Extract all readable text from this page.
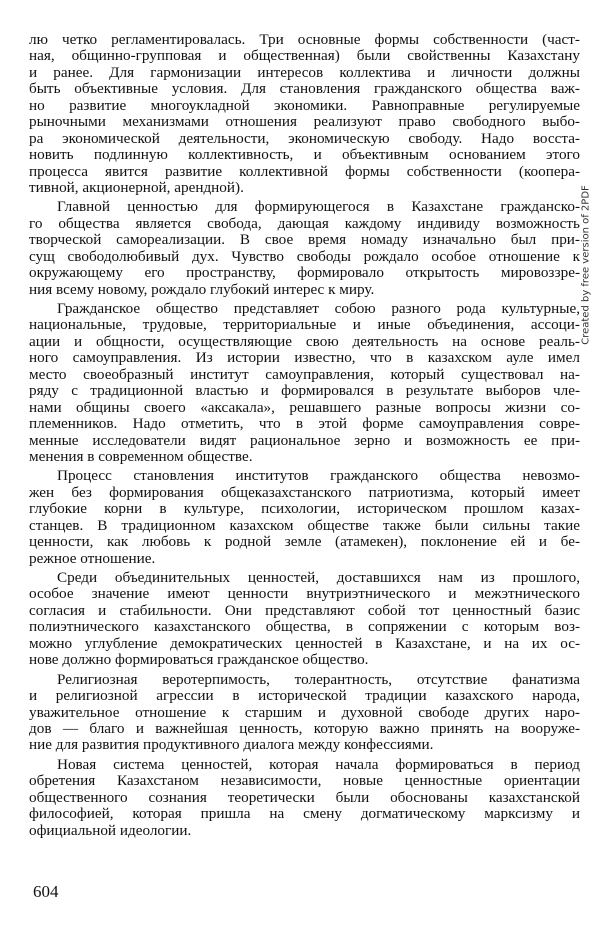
лю четко регламентировалась. Три основные формы собственности (част-
ная, общинно-групповая и общественная) были свойственны Казахстану
и ранее. Для гармонизации интересов коллектива и личности должны
быть объективные условия. Для становления гражданского общества важ-
но развитие многоукладной экономики. Равноправные регулируемые
рыночными механизмами отношения реализуют право свободного выбо-
ра экономической деятельности, экономическую свободу. Надо восста-
новить подлинную коллективность, и объективным основанием этого
процесса явится развитие коллективной формы собственности (коопера-
тивной, акционерной, арендной).
Главной ценностью для формирующегося в Казахстане гражданско-
го общества является свобода, дающая каждому индивиду возможность
творческой самореализации. В свое время номаду изначально был при-
сущ свободолюбивый дух. Чувство свободы рождало особое отношение к
окружающему его пространству, формировало открытость мировоззре-
ния всему новому, рождало глубокий интерес к миру.
Гражданское общество представляет собою разного рода культурные,
национальные, трудовые, территориальные и иные объединения, ассоци-
ации и общности, осуществляющие свою деятельность на основе реаль-
ного самоуправления. Из истории известно, что в казахском ауле имел
место своеобразный институт самоуправления, который существовал на-
ряду с традиционной властью и формировался в результате выборов чле-
нами общины своего «аксакала», решавшего разные вопросы жизни со-
племенников. Надо отметить, что в этой форме самоуправления совре-
менные исследователи видят рациональное зерно и возможность ее при-
менения в современном обществе.
Процесс становления институтов гражданского общества невозмо-
жен без формирования общеказахстанского патриотизма, который имеет
глубокие корни в культуре, психологии, историческом прошлом казах-
станцев. В традиционном казахском обществе также были сильны такие
ценности, как любовь к родной земле (атамекен), поклонение ей и бе-
режное отношение.
Среди объединительных ценностей, доставшихся нам из прошлого,
особое значение имеют ценности внутриэтнического и межэтнического
согласия и стабильности. Они представляют собой тот ценностный базис
полиэтнического казахстанского общества, в сопряжении с которым воз-
можно углубление демократических ценностей в Казахстане, и на их ос-
нове должно формироваться гражданское общество.
Религиозная веротерпимость, толерантность, отсутствие фанатизма
и религиозной агрессии в исторической традиции казахского народа,
уважительное отношение к старшим и духовной свободе других наро-
дов — благо и важнейшая ценность, которую важно принять на вооруже-
ние для развития продуктивного диалога между конфессиями.
Новая система ценностей, которая начала формироваться в период
обретения Казахстаном независимости, новые ценностные ориентации
общественного сознания теоретически были обоснованы казахстанской
философией, которая пришла на смену догматическому марксизму и
официальной идеологии.
Created by free version of 2PDF
604
